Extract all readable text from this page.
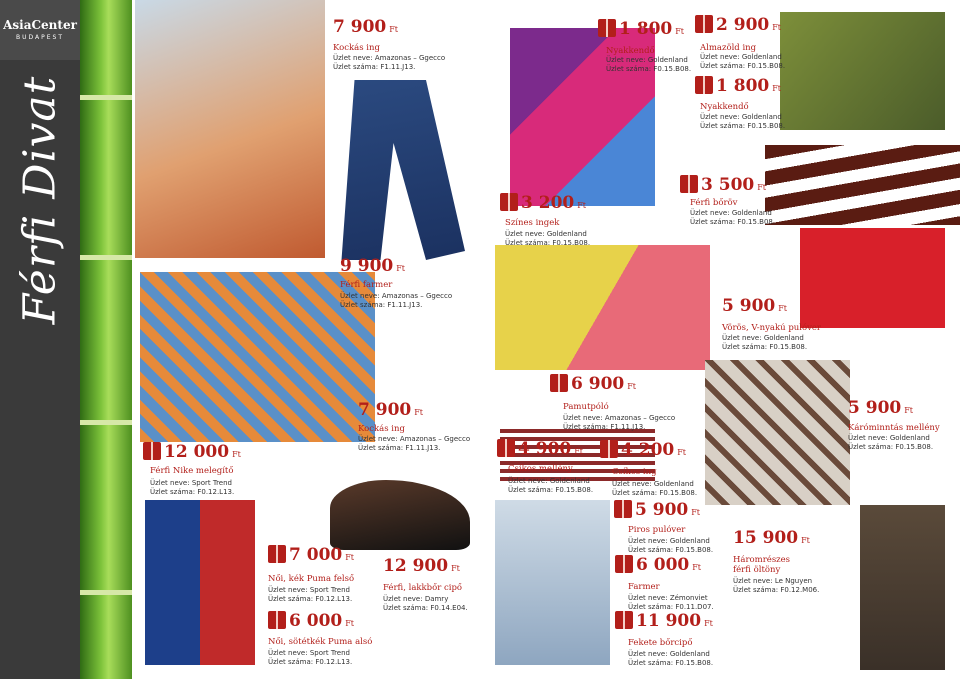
AsiaCenter
BUDAPEST
Férfi Divat
7 900 Ft
Kockás ing
Üzlet neve: Amazonas – Ggecco
Üzlet száma: F1.11.J13.
1 800 Ft
Nyakkendő
Üzlet neve: Goldenland
Üzlet száma: F0.15.B08.
2 900 Ft
Almazöld ing
Üzlet neve: Goldenland
Üzlet száma: F0.15.B08.
1 800 Ft
Nyakkendő
Üzlet neve: Goldenland
Üzlet száma: F0.15.B08.
3 500 Ft
Férfi bőröv
Üzlet neve: Goldenland
Üzlet száma: F0.15.B08.
3 200 Ft
Színes ingek
Üzlet neve: Goldenland
Üzlet száma: F0.15.B08.
9 900 Ft
Férfi farmer
Üzlet neve: Amazonas – Ggecco
Üzlet száma: F1.11.J13.	5 900 Ft
Vörös, V-nyakú pulóver
Üzlet neve: Goldenland
Üzlet száma: F0.15.B08.
6 900 Ft
Pamutpóló
Üzlet neve: Amazonas – Ggecco
Üzlet száma: F1.11.J13.
7 900 Ft
Kockás ing
Üzlet neve: Amazonas – Ggecco
Üzlet száma: F1.11.J13.
5 900 Ft
Káróminntás mellény
Üzlet neve: Goldenland
Üzlet száma: F0.15.B08.
12 000 Ft
Férfi Nike melegítő
Üzlet neve: Sport Trend
Üzlet száma: F0.12.L13.
4 900 Ft
Csíkos mellény
Üzlet neve: Goldenland
Üzlet száma: F0.15.B08.
4 200 Ft
Csíkos ing
Üzlet neve: Goldenland
Üzlet száma: F0.15.B08.
5 900 Ft
Piros pulóver
Üzlet neve: Goldenland
Üzlet száma: F0.15.B08.
7 000 Ft
Női, kék Puma felső
Üzlet neve: Sport Trend
Üzlet száma: F0.12.L13.
12 900 Ft
Férfi, lakkbőr cipő
Üzlet neve: Damry
Üzlet száma: F0.14.E04.
6 000 Ft
Farmer
Üzlet neve: Zémonviet
Üzlet száma: F0.11.D07.
15 900 Ft
Háromrészes férfi öltöny
Üzlet neve: Le Nguyen
Üzlet száma: F0.12.M06.
6 000 Ft
Női, sötétkék Puma alsó
Üzlet neve: Sport Trend
Üzlet száma: F0.12.L13.
11 900 Ft
Fekete bőrcipő
Üzlet neve: Goldenland
Üzlet száma: F0.15.B08.
